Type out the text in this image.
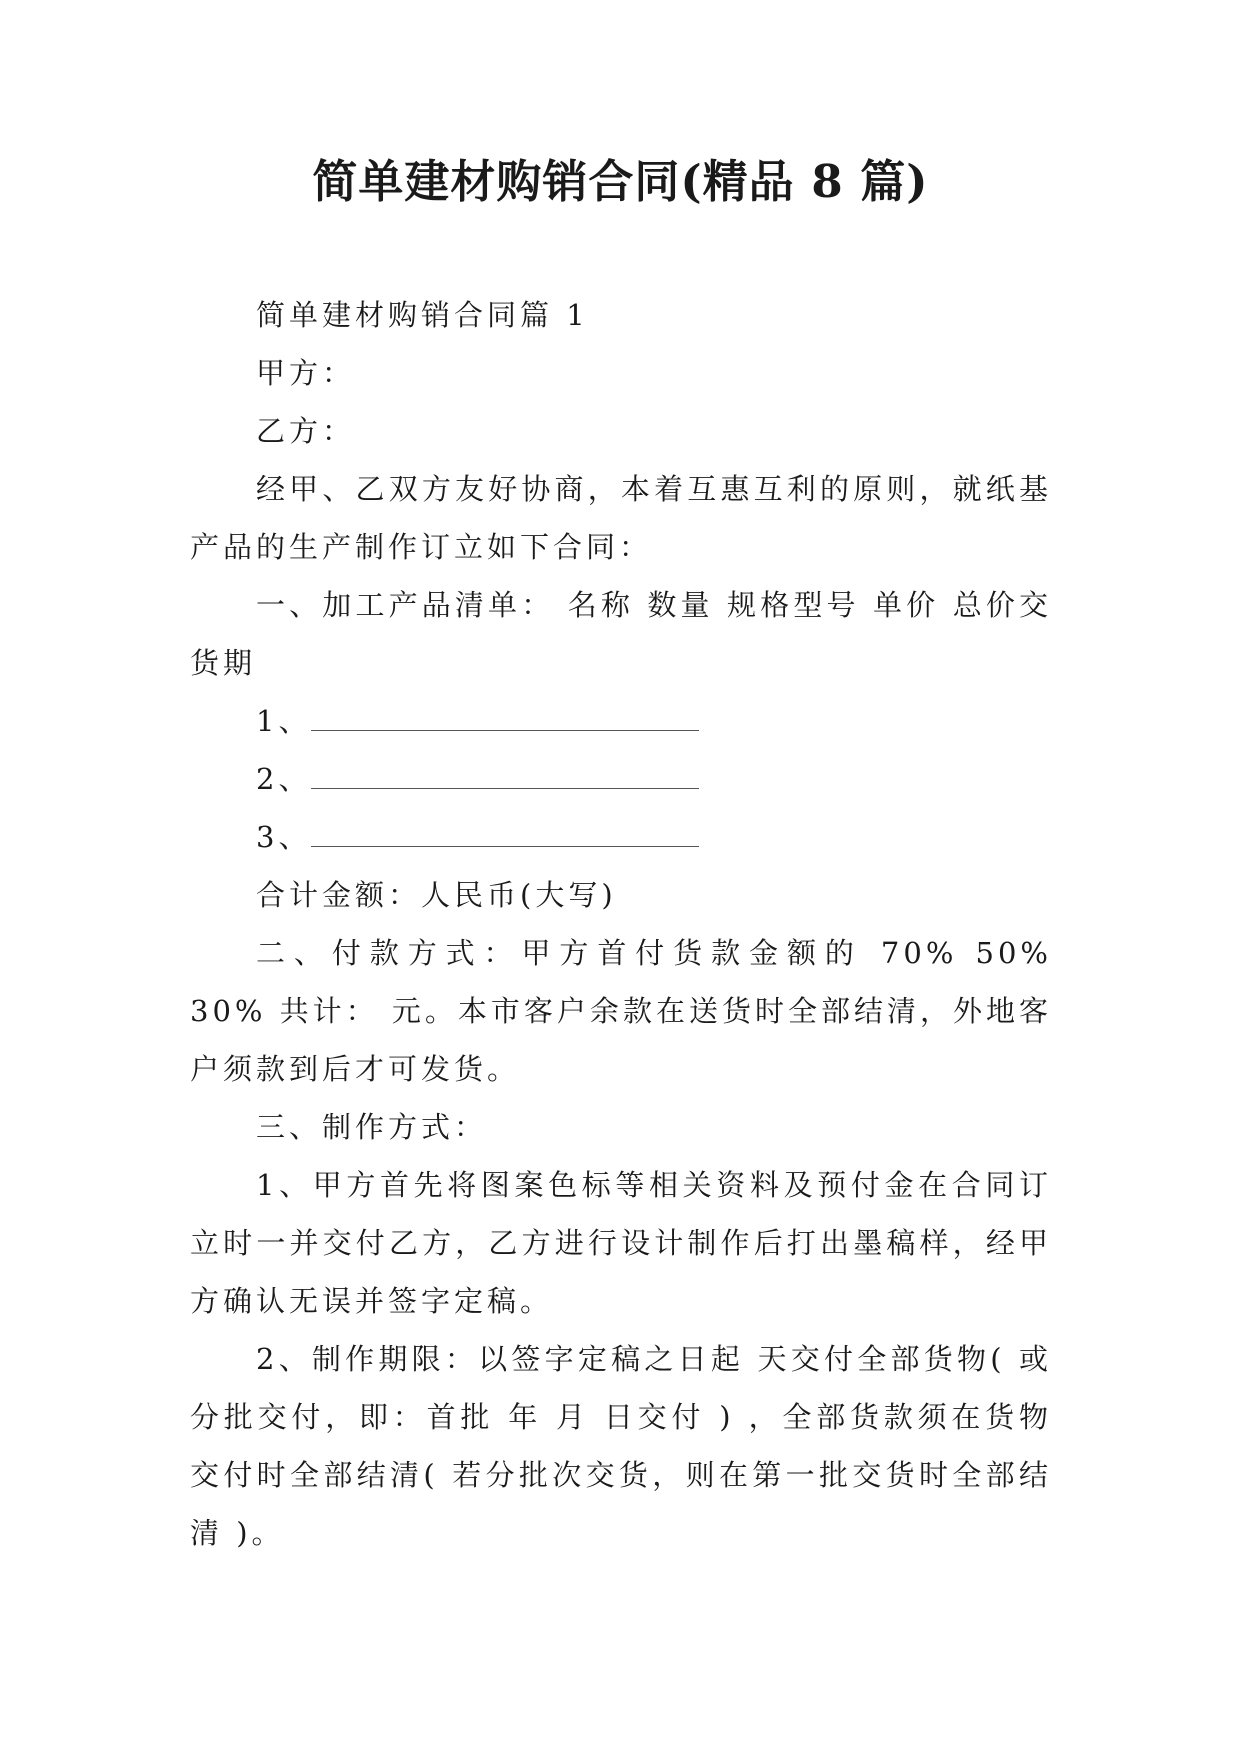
简单建材购销合同(精品 8 篇)

简单建材购销合同篇 1

甲方：

乙方：

经甲、乙双方友好协商，本着互惠互利的原则，就纸基产品的生产制作订立如下合同：

一、加工产品清单： 名称 数量 规格型号 单价 总价交货期

1、

2、

3、

合计金额：人民币(大写)

二、付款方式：甲方首付货款金额的 70% 50% 30% 共计： 元。本市客户余款在送货时全部结清，外地客户须款到后才可发货。

三、制作方式：

1、甲方首先将图案色标等相关资料及预付金在合同订立时一并交付乙方，乙方进行设计制作后打出墨稿样，经甲方确认无误并签字定稿。

2、制作期限：以签字定稿之日起 天交付全部货物( 或分批交付，即：首批 年 月 日交付 ) ，全部货款须在货物交付时全部结清( 若分批次交货，则在第一批交货时全部结清 )。
